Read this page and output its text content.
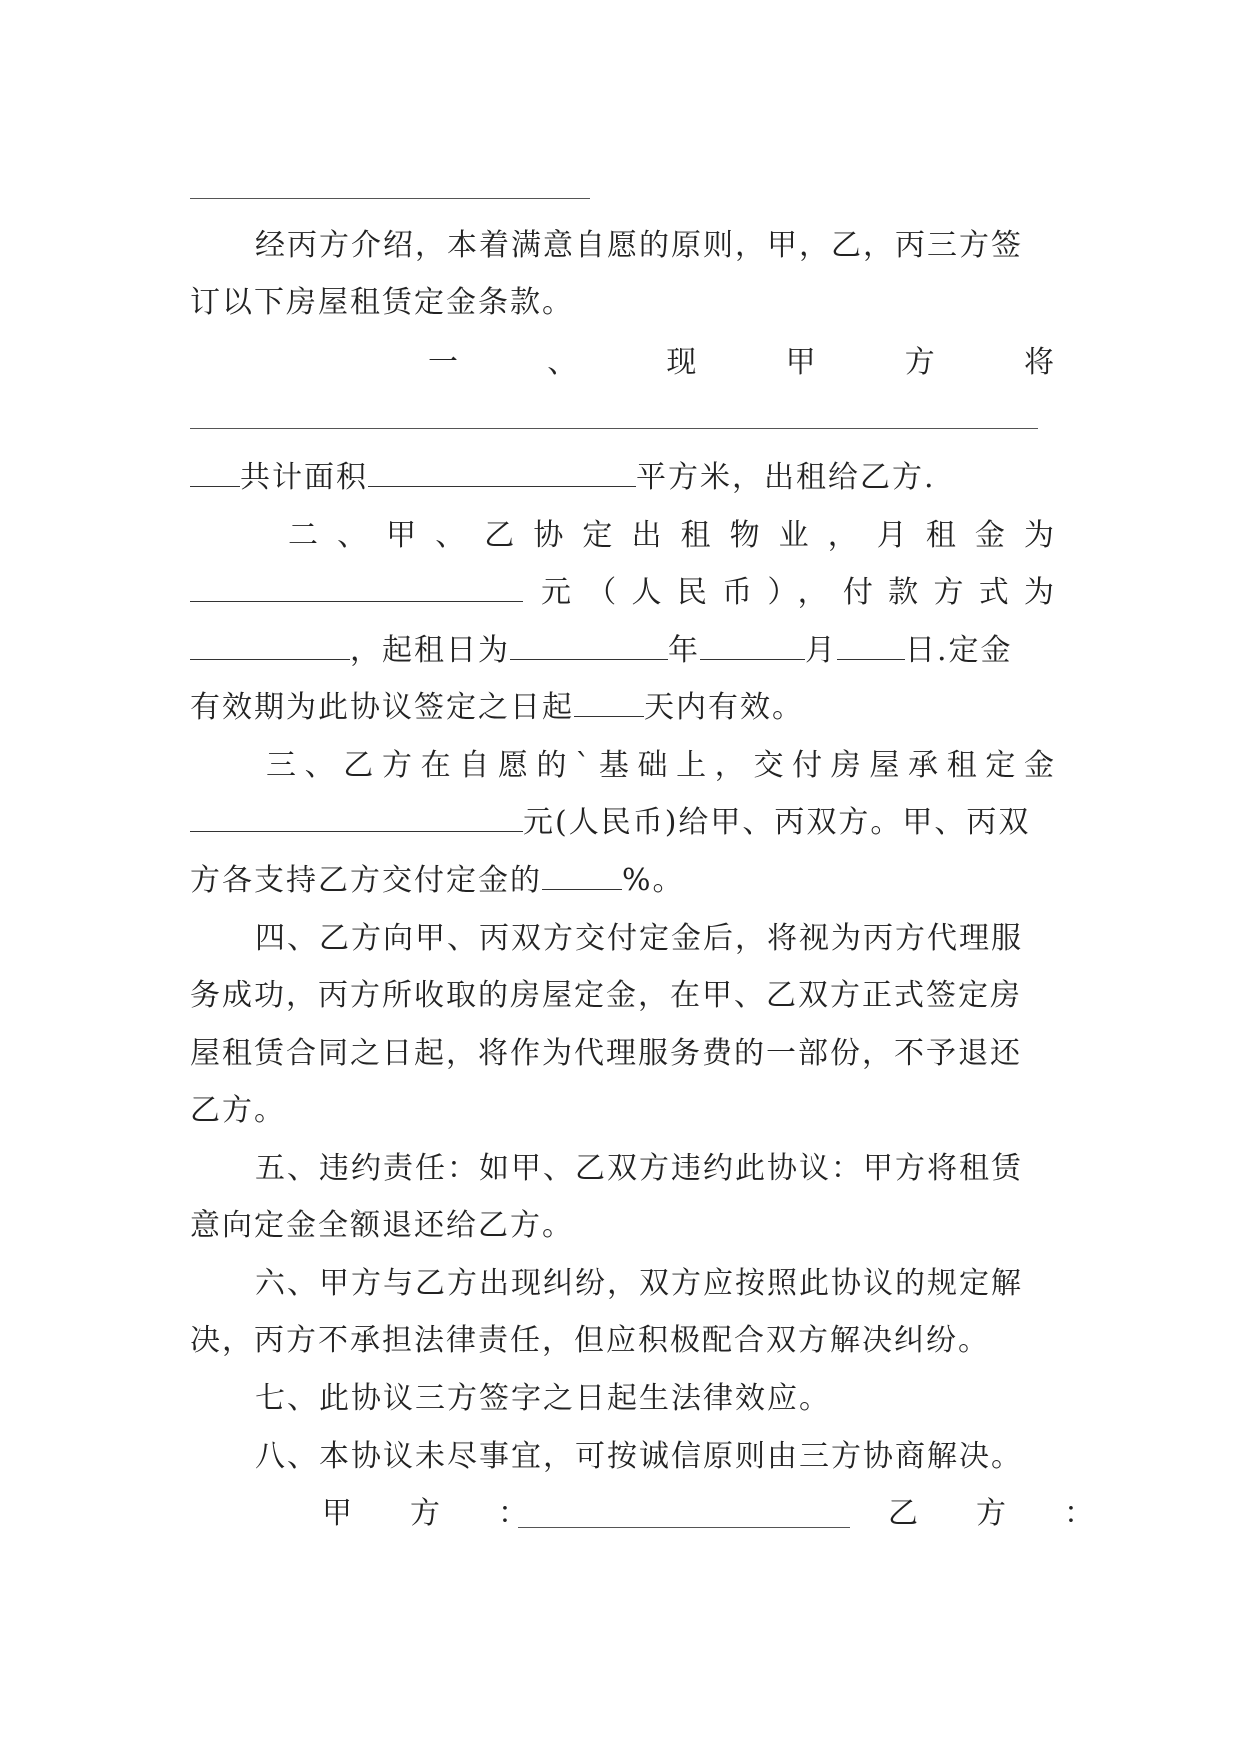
经丙方介绍，本着满意自愿的原则，甲，乙，丙三方签
订以下房屋租赁定金条款。
一	、	现	甲	方	将
共计面积	平方米，出租给乙方.
二、甲、乙协定出租物业，月租金为
元（人民币），付款方式为
，起租日为	年	月 日.定金
有效期为此协议签定之日起 天内有效。
三、乙方在自愿的`基础上，交付房屋承租定金
元(人民币)给甲、丙双方。甲、丙双
方各支持乙方交付定金的	%。
四、乙方向甲、丙双方交付定金后，将视为丙方代理服
务成功，丙方所收取的房屋定金，在甲、乙双方正式签定房
屋租赁合同之日起，将作为代理服务费的一部份，不予退还
乙方。
五、违约责任：如甲、乙双方违约此协议：甲方将租赁
意向定金全额退还给乙方。
六、甲方与乙方出现纠纷，双方应按照此协议的规定解
决，丙方不承担法律责任，但应积极配合双方解决纠纷。
七、此协议三方签字之日起生法律效应。
八、本协议未尽事宜，可按诚信原则由三方协商解决。
甲　方　：	乙　方　：
